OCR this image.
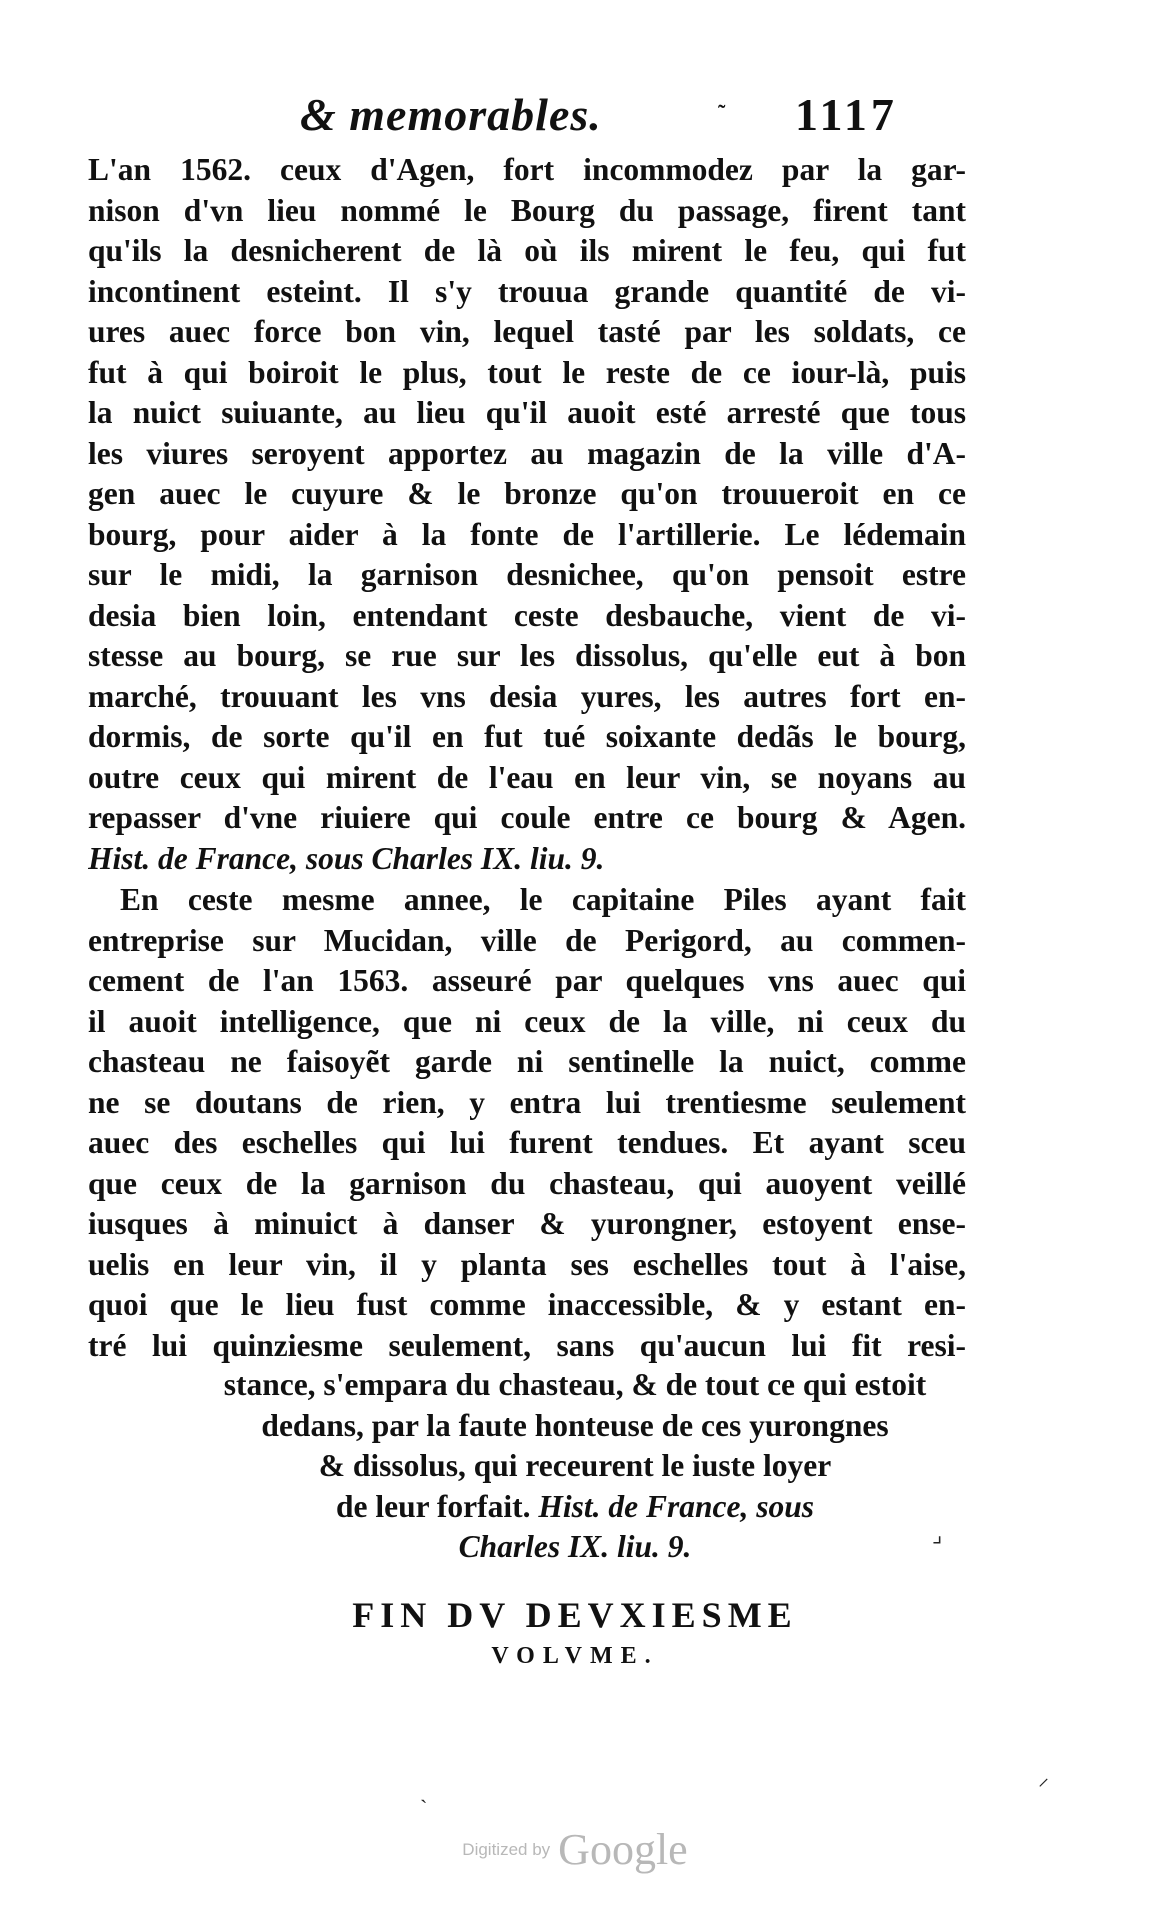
& memorables.	˜ 1117
L'an 1562. ceux d'Agen, fort incommodez par la gar-
nison d'vn lieu nommé le Bourg du passage, firent tant
qu'ils la desnicherent de là où ils mirent le feu, qui fut
incontinent esteint. Il s'y trouua grande quantité de vi-
ures auec force bon vin, lequel tasté par les soldats, ce
fut à qui boiroit le plus, tout le reste de ce iour-là, puis
la nuict suiuante, au lieu qu'il auoit esté arresté que tous
les viures seroyent apportez au magazin de la ville d'A-
gen auec le cuyure & le bronze qu'on trouueroit en ce
bourg, pour aider à la fonte de l'artillerie. Le lédemain
sur le midi, la garnison desnichee, qu'on pensoit estre
desia bien loin, entendant ceste desbauche, vient de vi-
stesse au bourg, se rue sur les dissolus, qu'elle eut à bon
marché, trouuant les vns desia yures, les autres fort en-
dormis, de sorte qu'il en fut tué soixante dedãs le bourg,
outre ceux qui mirent de l'eau en leur vin, se noyans au
repasser d'vne riuiere qui coule entre ce bourg & Agen.
Hist. de France, sous Charles IX. liu. 9.
En ceste mesme annee, le capitaine Piles ayant fait
entreprise sur Mucidan, ville de Perigord, au commen-
cement de l'an 1563. asseuré par quelques vns auec qui
il auoit intelligence, que ni ceux de la ville, ni ceux du
chasteau ne faisoyẽt garde ni sentinelle la nuict, comme
ne se doutans de rien, y entra lui trentiesme seulement
auec des eschelles qui lui furent tendues. Et ayant sceu
que ceux de la garnison du chasteau, qui auoyent veillé
iusques à minuict à danser & yurongner, estoyent ense-
uelis en leur vin, il y planta ses eschelles tout à l'aise,
quoi que le lieu fust comme inaccessible, & y estant en-
tré lui quinziesme seulement, sans qu'aucun lui fit resi-
stance, s'empara du chasteau, & de tout ce qui estoit
dedans, par la faute honteuse de ces yurongnes
& dissolus, qui receurent le iuste loyer
de leur forfait. Hist. de France, sous
Charles IX. liu. 9.	⌟
FIN DV DEVXIESME
VOLVME.
ˎ
⸝
Digitized by Google
